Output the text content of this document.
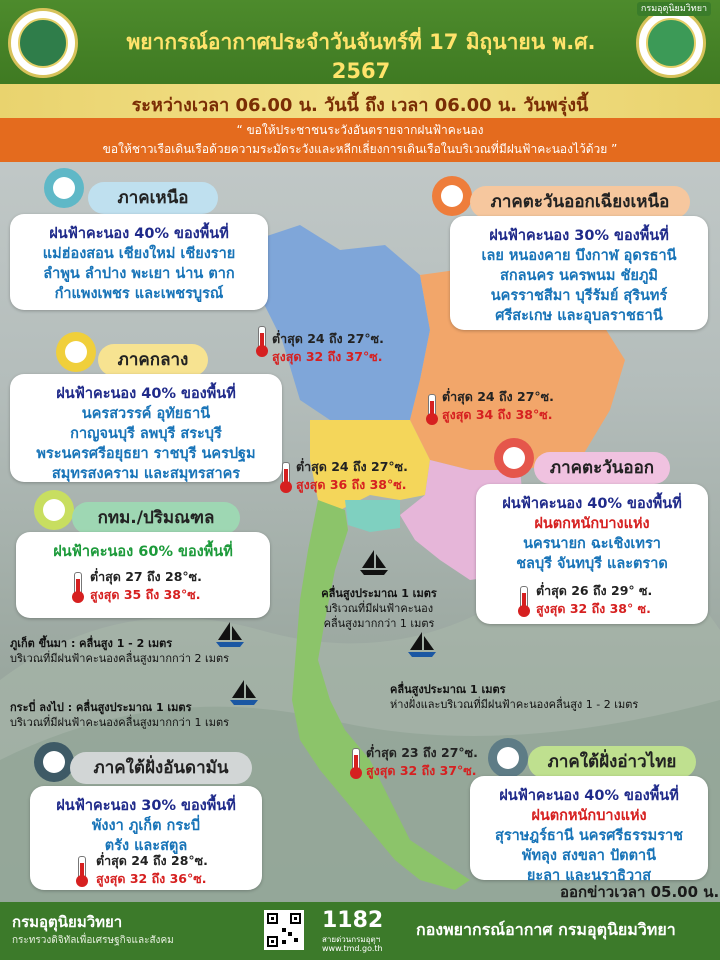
พยากรณ์อากาศประจำวันจันทร์ที่ 17 มิถุนายน พ.ศ. 2567
กรมอุตุนิยมวิทยา
ระหว่างเวลา 06.00 น. วันนี้ ถึง เวลา 06.00 น. วันพรุ่งนี้
“ ขอให้ประชาชนระวังอันตรายจากฝนฟ้าคะนอง
ขอให้ชาวเรือเดินเรือด้วยความระมัดระวังและหลีกเลี่ยงการเดินเรือในบริเวณที่มีฝนฟ้าคะนองไว้ด้วย ”
ภาคเหนือ
ฝนฟ้าคะนอง 40% ของพื้นที่
แม่ฮ่องสอน เชียงใหม่ เชียงราย
ลำพูน ลำปาง พะเยา น่าน ตาก
กำแพงเพชร และเพชรบูรณ์
ต่ำสุด 24 ถึง 27°ซ.
สูงสุด 32 ถึง 37°ซ.
ภาคตะวันออกเฉียงเหนือ
ฝนฟ้าคะนอง 30% ของพื้นที่
เลย หนองคาย บึงกาฬ อุดรธานี
สกลนคร นครพนม ชัยภูมิ
นครราชสีมา บุรีรัมย์ สุรินทร์
ศรีสะเกษ และอุบลราชธานี
ต่ำสุด 24 ถึง 27°ซ.
สูงสุด 34 ถึง 38°ซ.
ภาคกลาง
ฝนฟ้าคะนอง 40% ของพื้นที่
นครสวรรค์ อุทัยธานี
กาญจนบุรี ลพบุรี สระบุรี
พระนครศรีอยุธยา ราชบุรี นครปฐม
สมุทรสงคราม และสมุทรสาคร	ต่ำสุด 24 ถึง 27°ซ.
สูงสุด 36 ถึง 38°ซ.
ภาคตะวันออก
ฝนฟ้าคะนอง 40% ของพื้นที่
ฝนตกหนักบางแห่ง
นครนายก ฉะเชิงเทรา
ชลบุรี จันทบุรี และตราด
ต่ำสุด 26 ถึง 29° ซ.
สูงสุด 32 ถึง 38° ซ.
กทม./ปริมณฑล
ฝนฟ้าคะนอง 60% ของพื้นที่
ต่ำสุด 27 ถึง 28°ซ.
สูงสุด 35 ถึง 38°ซ.
ภาคใต้ฝั่งอันดามัน
ฝนฟ้าคะนอง 30% ของพื้นที่
พังงา ภูเก็ต กระบี่
ตรัง และสตูล
ต่ำสุด 24 ถึง 28°ซ.
สูงสุด 32 ถึง 36°ซ.
ภาคใต้ฝั่งอ่าวไทย
ฝนฟ้าคะนอง 40% ของพื้นที่
ฝนตกหนักบางแห่ง
สุราษฎร์ธานี นครศรีธรรมราช
พัทลุง สงขลา ปัตตานี
ยะลา และนราธิวาส
ต่ำสุด 23 ถึง 27°ซ.
สูงสุด 32 ถึง 37°ซ.
คลื่นสูงประมาณ 1 เมตร
บริเวณที่มีฝนฟ้าคะนอง
คลื่นสูงมากกว่า 1 เมตร
ภูเก็ต ขึ้นมา : คลื่นสูง 1 - 2 เมตร
บริเวณที่มีฝนฟ้าคะนองคลื่นสูงมากกว่า 2 เมตร
คลื่นสูงประมาณ 1 เมตร
ห่างฝั่งและบริเวณที่มีฝนฟ้าคะนองคลื่นสูง 1 - 2 เมตร
กระบี่ ลงไป : คลื่นสูงประมาณ 1 เมตร
บริเวณที่มีฝนฟ้าคะนองคลื่นสูงมากกว่า 1 เมตร
ออกข่าวเวลา 05.00 น.
กรมอุตุนิยมวิทยา
กระทรวงดิจิทัลเพื่อเศรษฐกิจและสังคม
1182
สายด่วนกรมอุตุฯ www.tmd.go.th
กองพยากรณ์อากาศ กรมอุตุนิยมวิทยา
